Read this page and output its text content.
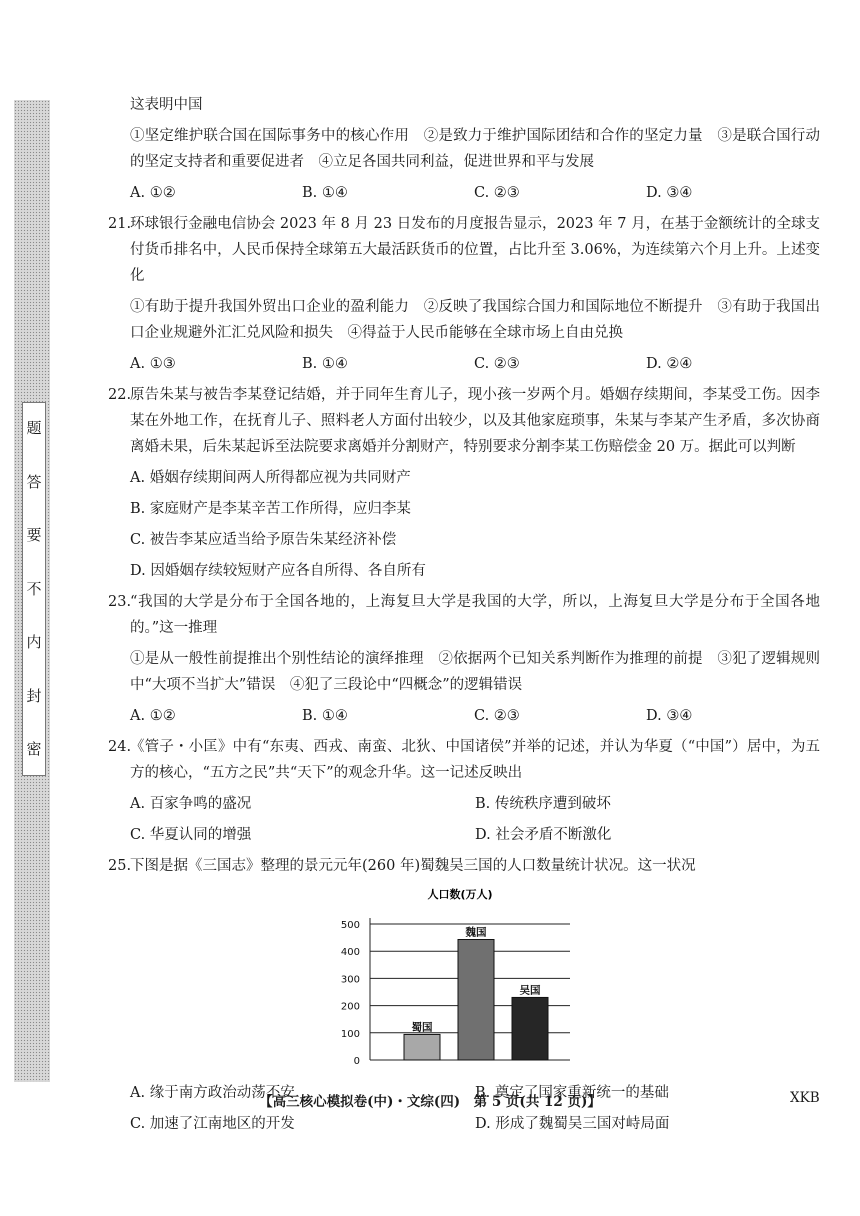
题
答
要
不
内
封
密
这表明中国
①坚定维护联合国在国际事务中的核心作用　②是致力于维护国际团结和合作的坚定力量　③是联合国行动的坚定支持者和重要促进者　④立足各国共同利益，促进世界和平与发展
A. ①②	B. ①④	C. ②③	D. ③④
21.
环球银行金融电信协会 2023 年 8 月 23 日发布的月度报告显示，2023 年 7 月，在基于金额统计的全球支付货币排名中，人民币保持全球第五大最活跃货币的位置，占比升至 3.06%，为连续第六个月上升。上述变化
①有助于提升我国外贸出口企业的盈利能力　②反映了我国综合国力和国际地位不断提升　③有助于我国出口企业规避外汇汇兑风险和损失　④得益于人民币能够在全球市场上自由兑换
A. ①③	B. ①④	C. ②③	D. ②④
22.
原告朱某与被告李某登记结婚，并于同年生育儿子，现小孩一岁两个月。婚姻存续期间，李某受工伤。因李某在外地工作，在抚育儿子、照料老人方面付出较少，以及其他家庭琐事，朱某与李某产生矛盾，多次协商离婚未果，后朱某起诉至法院要求离婚并分割财产，特别要求分割李某工伤赔偿金 20 万。据此可以判断
A. 婚姻存续期间两人所得都应视为共同财产
B. 家庭财产是李某辛苦工作所得，应归李某
C. 被告李某应适当给予原告朱某经济补偿
D. 因婚姻存续较短财产应各自所得、各自所有
23.
“我国的大学是分布于全国各地的，上海复旦大学是我国的大学，所以，上海复旦大学是分布于全国各地的。”这一推理
①是从一般性前提推出个别性结论的演绎推理　②依据两个已知关系判断作为推理的前提　③犯了逻辑规则中“大项不当扩大”错误　④犯了三段论中“四概念”的逻辑错误
A. ①②	B. ①④	C. ②③	D. ③④
24.
《管子・小匡》中有“东夷、西戎、南蛮、北狄、中国诸侯”并举的记述，并认为华夏（“中国”）居中，为五方的核心，“五方之民”共“天下”的观念升华。这一记述反映出
A. 百家争鸣的盛况	B. 传统秩序遭到破坏
C. 华夏认同的增强	D. 社会矛盾不断激化
25.
下图是据《三国志》整理的景元元年(260 年)蜀魏吴三国的人口数量统计状况。这一状况
人口数(万人)
0
100
200
300
400
500
蜀国
魏国
吴国
A. 缘于南方政治动荡不安	B. 奠定了国家重新统一的基础
C. 加速了江南地区的开发	D. 形成了魏蜀吴三国对峙局面
【高三核心模拟卷(中)・文综(四)　第 5 页(共 12 页)】	XKB
